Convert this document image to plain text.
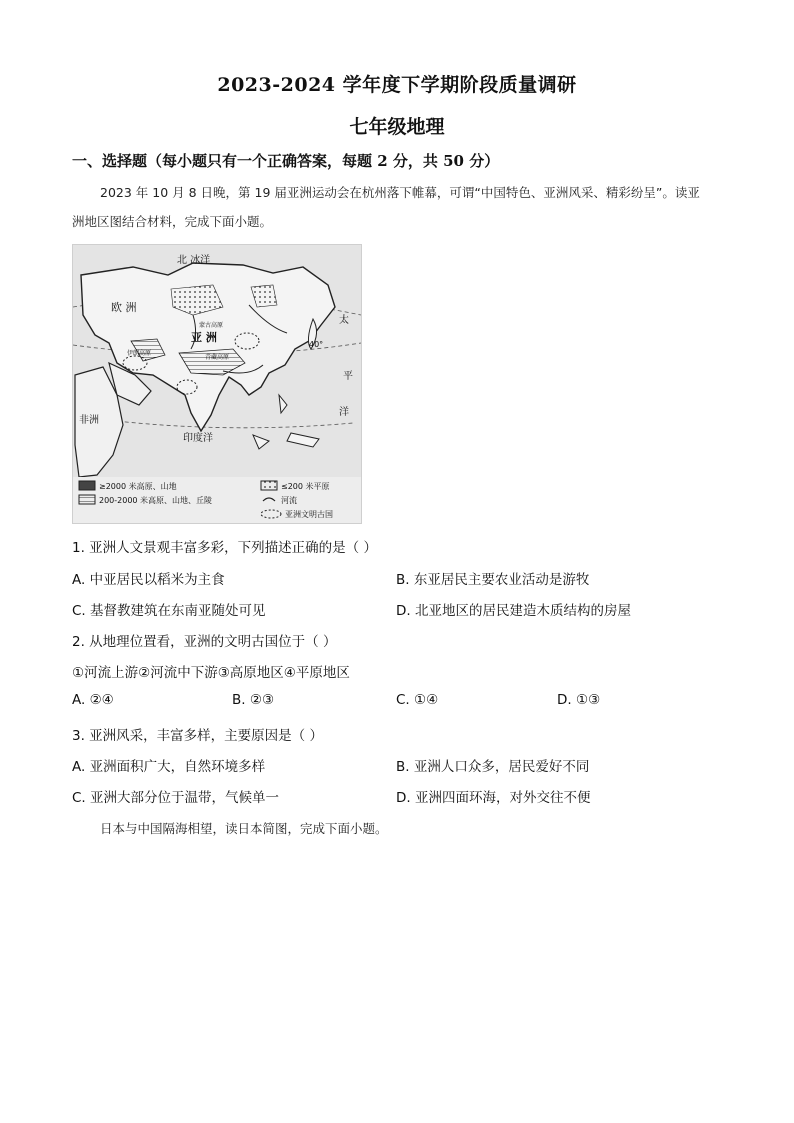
2023-2024 学年度下学期阶段质量调研
七年级地理
一、选择题（每小题只有一个正确答案，每题 2 分，共 50 分）
2023 年 10 月 8 日晚，第 19 届亚洲运动会在杭州落下帷幕，可谓“中国特色、亚洲风采、精彩纷呈”。读亚洲地区图结合材料，完成下面小题。
北 冰洋
欧 洲
亚 洲
蒙古高原
伊朗高原
青藏高原
非洲
印度洋
太
平
洋
40°
≥2000 米高原、山地
200-2000 米高原、山地、丘陵
≤200 米平原
河流
亚洲文明古国
1. 亚洲人文景观丰富多彩，下列描述正确的是（ ）
A. 中亚居民以稻米为主食	B. 东亚居民主要农业活动是游牧
C. 基督教建筑在东南亚随处可见	D. 北亚地区的居民建造木质结构的房屋
2. 从地理位置看，亚洲的文明古国位于（ ）
①河流上游②河流中下游③高原地区④平原地区
A. ②④	B. ②③	C. ①④	D. ①③
3. 亚洲风采，丰富多样，主要原因是（ ）
A. 亚洲面积广大，自然环境多样	B. 亚洲人口众多，居民爱好不同
C. 亚洲大部分位于温带，气候单一	D. 亚洲四面环海，对外交往不便
日本与中国隔海相望，读日本简图，完成下面小题。
